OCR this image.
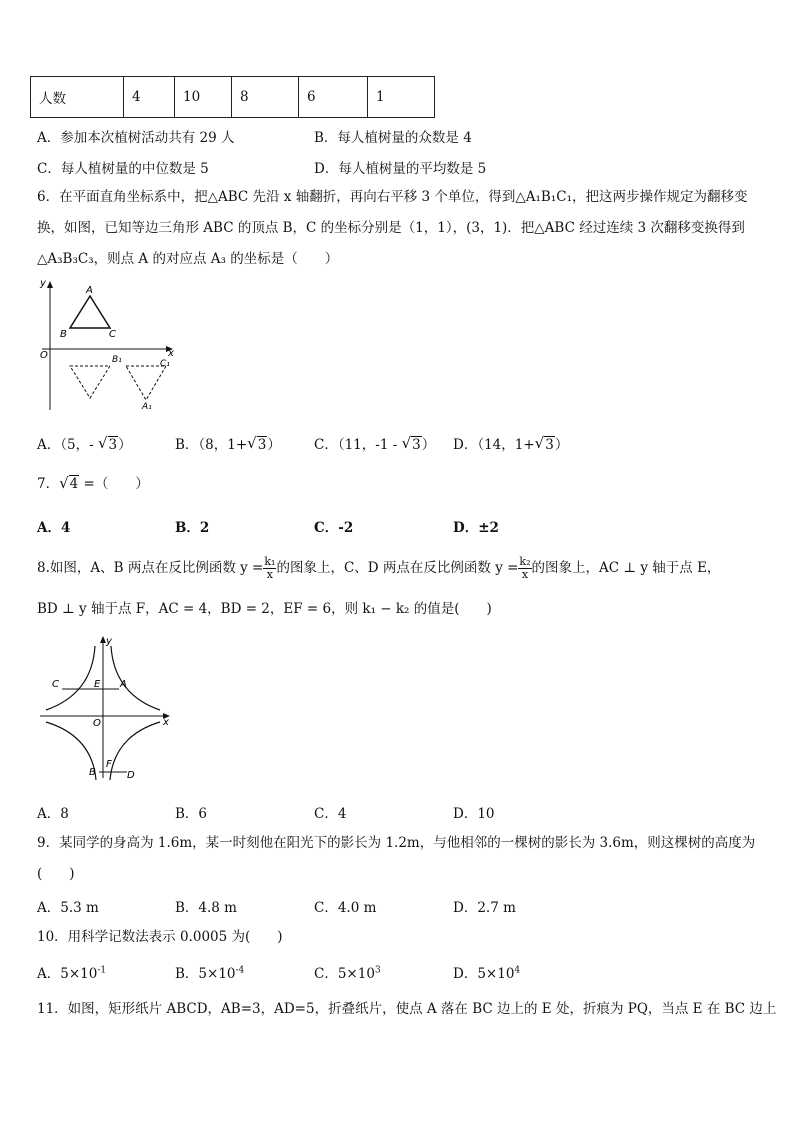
人数	4	10	8	6	1
A．参加本次植树活动共有 29 人	B．每人植树量的众数是 4
C．每人植树量的中位数是 5	D．每人植树量的平均数是 5
6．在平面直角坐标系中，把△ABC 先沿 x 轴翻折，再向右平移 3 个单位，得到△A₁B₁C₁，把这两步操作规定为翻移变
换，如图，已知等边三角形 ABC 的顶点 B，C 的坐标分别是（1，1），(3，1)．把△ABC 经过连续 3 次翻移变换得到
△A₃B₃C₃，则点 A 的对应点 A₃ 的坐标是（　　）
y
x
O
A
B	C
B₁	C₁
A₁
A．（5，- √3）	B．（8，1+√3） C．（11，-1 - √3） D．（14，1+√3）
7．√4 =（　　）
A．4	B．2	C．-2	D．±2
8.如图，A、B 两点在反比例函数 $y = \frac{\text{k₁}}{x}$ 的图象上，C、D 两点在反比例函数 $y = \frac{\text{k₂}}{x}$ 的图象上，AC ⊥ y 轴于点 E，
BD ⊥ y 轴于点 F，AC = 4，BD = 2，EF = 6，则 k₁ − k₂ 的值是(　　)
y
x
O
C	E A
B
F
D
A．8	B．6	C．4	D．10
9．某同学的身高为 1.6m，某一时刻他在阳光下的影长为 1.2m，与他相邻的一棵树的影长为 3.6m，则这棵树的高度为
(　　)
A．5.3 m	B．4.8 m	C．4.0 m	D．2.7 m
10．用科学记数法表示 0.0005 为(　　)
A．$5\times 10^{-1}$	B．$5\times 10^{-4}$	C．$5\times 10^3$	D．$5\times 10^4$
11．如图，矩形纸片 ABCD，AB=3，AD=5，折叠纸片，使点 A 落在 BC 边上的 E 处，折痕为 PQ，当点 E 在 BC 边上
